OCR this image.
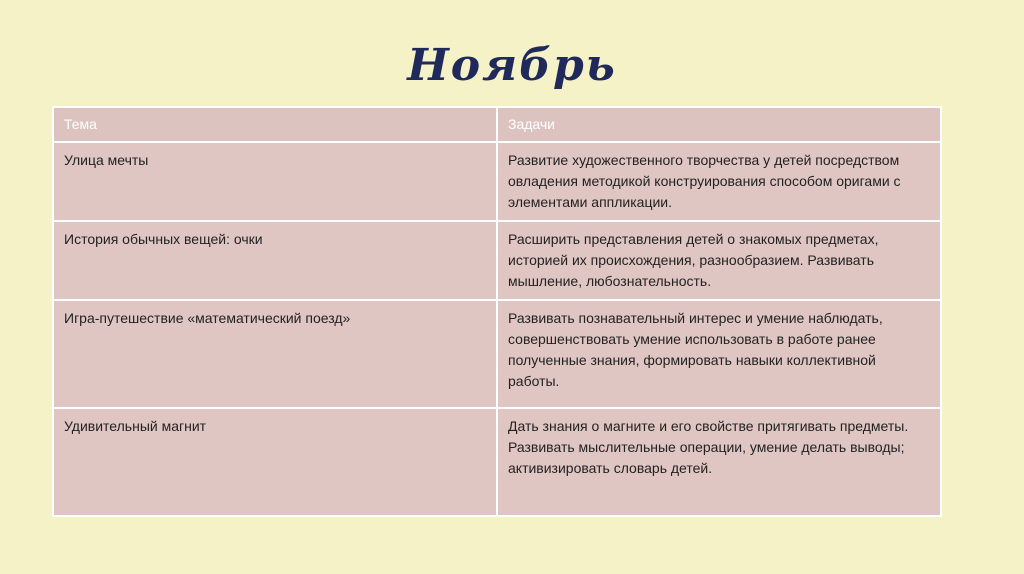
Ноябрь
Тема	Задачи
Улица мечты	Развитие художественного творчества у детей посредством овладения методикой конструирования способом оригами с элементами аппликации.
История обычных вещей: очки	Расширить представления детей о знакомых предметах, историей их происхождения, разнообразием. Развивать мышление, любознательность.
Игра-путешествие «математический поезд»	Развивать познавательный интерес и умение наблюдать, совершенствовать умение использовать в работе ранее полученные знания, формировать навыки коллективной работы.
Удивительный магнит	Дать знания о магните и его свойстве притягивать предметы. Развивать мыслительные операции, умение делать выводы; активизировать словарь детей.
